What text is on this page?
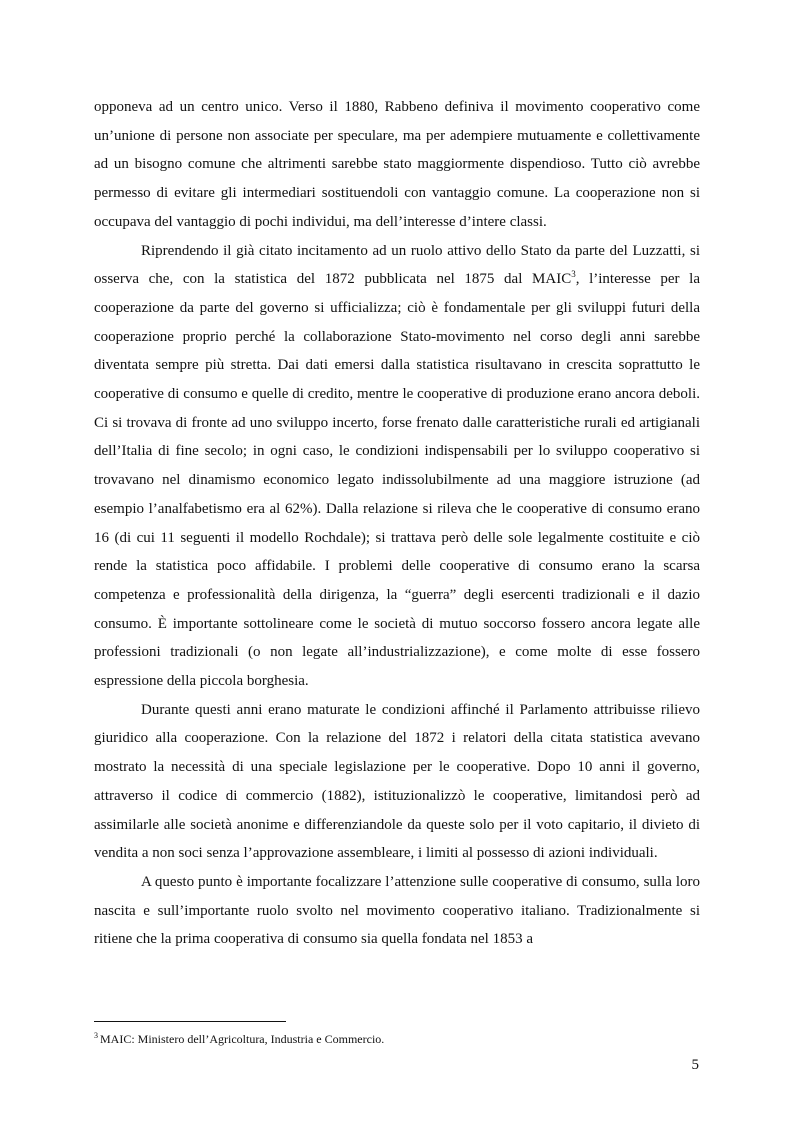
opponeva ad un centro unico. Verso il 1880, Rabbeno definiva il movimento cooperativo come un’unione di persone non associate per speculare, ma per adempiere mutuamente e collettivamente ad un bisogno comune che altrimenti sarebbe stato maggiormente dispendioso. Tutto ciò avrebbe permesso di evitare gli intermediari sostituendoli con vantaggio comune. La cooperazione non si occupava del vantaggio di pochi individui, ma dell’interesse d’intere classi.

Riprendendo il già citato incitamento ad un ruolo attivo dello Stato da parte del Luzzatti, si osserva che, con la statistica del 1872 pubblicata nel 1875 dal MAIC$^3$, l’interesse per la cooperazione da parte del governo si ufficializza; ciò è fondamentale per gli sviluppi futuri della cooperazione proprio perché la collaborazione Stato-movimento nel corso degli anni sarebbe diventata sempre più stretta. Dai dati emersi dalla statistica risultavano in crescita soprattutto le cooperative di consumo e quelle di credito, mentre le cooperative di produzione erano ancora deboli. Ci si trovava di fronte ad uno sviluppo incerto, forse frenato dalle caratteristiche rurali ed artigianali dell’Italia di fine secolo; in ogni caso, le condizioni indispensabili per lo sviluppo cooperativo si trovavano nel dinamismo economico legato indissolubilmente ad una maggiore istruzione (ad esempio l’analfabetismo era al 62%). Dalla relazione si rileva che le cooperative di consumo erano 16 (di cui 11 seguenti il modello Rochdale); si trattava però delle sole legalmente costituite e ciò rende la statistica poco affidabile. I problemi delle cooperative di consumo erano la scarsa competenza e professionalità della dirigenza, la “guerra” degli esercenti tradizionali e il dazio consumo. È importante sottolineare come le società di mutuo soccorso fossero ancora legate alle professioni tradizionali (o non legate all’industrializzazione), e come molte di esse fossero espressione della piccola borghesia.

Durante questi anni erano maturate le condizioni affinché il Parlamento attribuisse rilievo giuridico alla cooperazione. Con la relazione del 1872 i relatori della citata statistica avevano mostrato la necessità di una speciale legislazione per le cooperative. Dopo 10 anni il governo, attraverso il codice di commercio (1882), istituzionalizzò le cooperative, limitandosi però ad assimilarle alle società anonime e differenziandole da queste solo per il voto capitario, il divieto di vendita a non soci senza l’approvazione assembleare, i limiti al possesso di azioni individuali.

A questo punto è importante focalizzare l’attenzione sulle cooperative di consumo, sulla loro nascita e sull’importante ruolo svolto nel movimento cooperativo italiano. Tradizionalmente si ritiene che la prima cooperativa di consumo sia quella fondata nel 1853 a

$^3$ MAIC: Ministero dell’Agricoltura, Industria e Commercio.
5
